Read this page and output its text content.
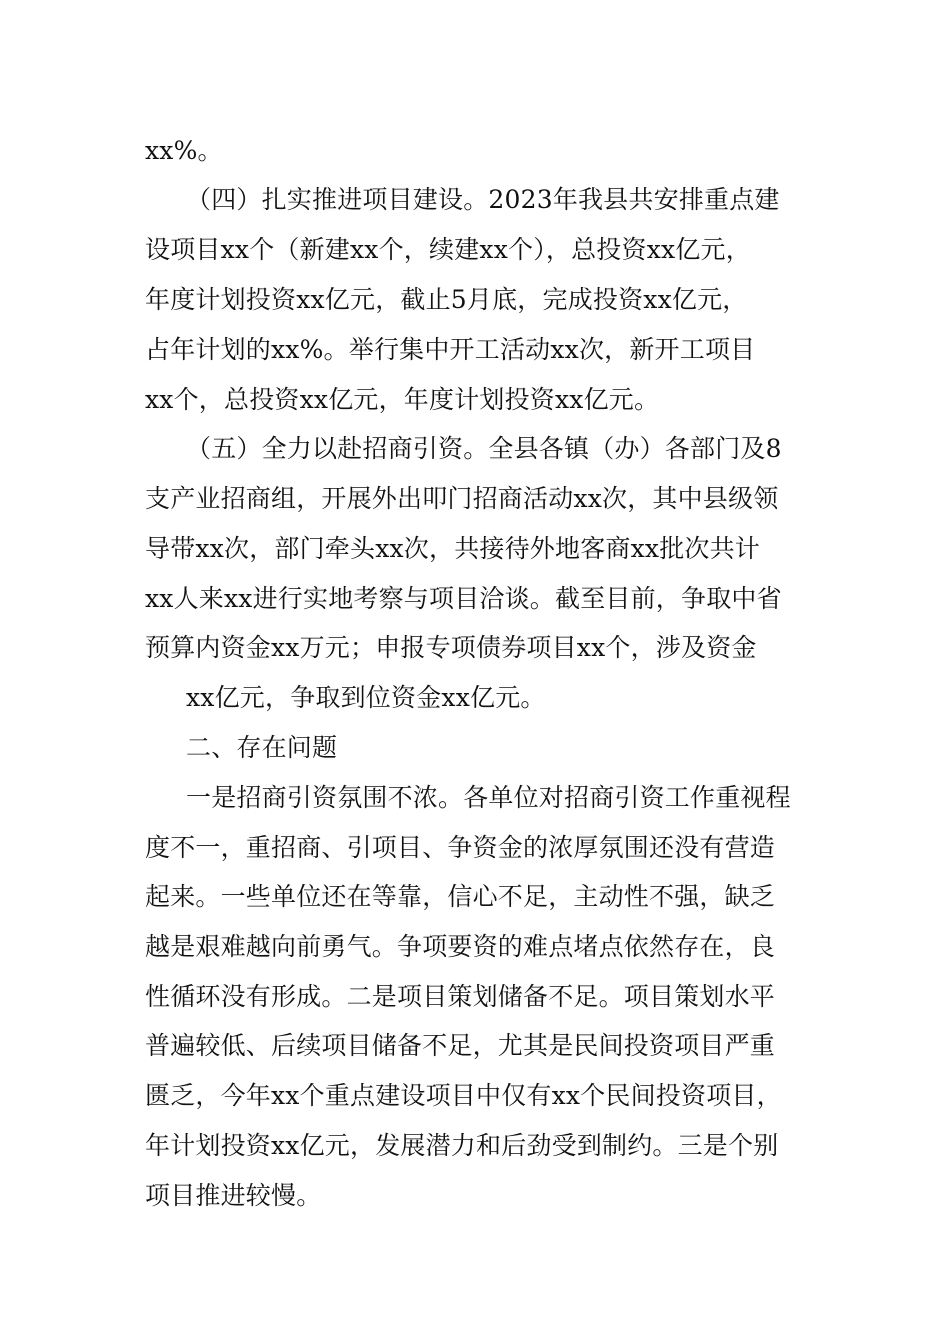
xx%。
（四）扎实推进项目建设。2023年我县共安排重点建
设项目xx个（新建xx个，续建xx个），总投资xx亿元，
年度计划投资xx亿元，截止5月底，完成投资xx亿元，
占年计划的xx%。举行集中开工活动xx次，新开工项目
xx个，总投资xx亿元，年度计划投资xx亿元。
（五）全力以赴招商引资。全县各镇（办）各部门及8
支产业招商组，开展外出叩门招商活动xx次，其中县级领
导带xx次，部门牵头xx次，共接待外地客商xx批次共计
xx人来xx进行实地考察与项目洽谈。截至目前，争取中省
预算内资金xx万元；申报专项债券项目xx个，涉及资金
xx亿元，争取到位资金xx亿元。
二、存在问题
一是招商引资氛围不浓。各单位对招商引资工作重视程
度不一，重招商、引项目、争资金的浓厚氛围还没有营造
起来。一些单位还在等靠，信心不足，主动性不强，缺乏
越是艰难越向前勇气。争项要资的难点堵点依然存在，良
性循环没有形成。二是项目策划储备不足。项目策划水平
普遍较低、后续项目储备不足，尤其是民间投资项目严重
匮乏，今年xx个重点建设项目中仅有xx个民间投资项目，
年计划投资xx亿元，发展潜力和后劲受到制约。三是个别
项目推进较慢。
